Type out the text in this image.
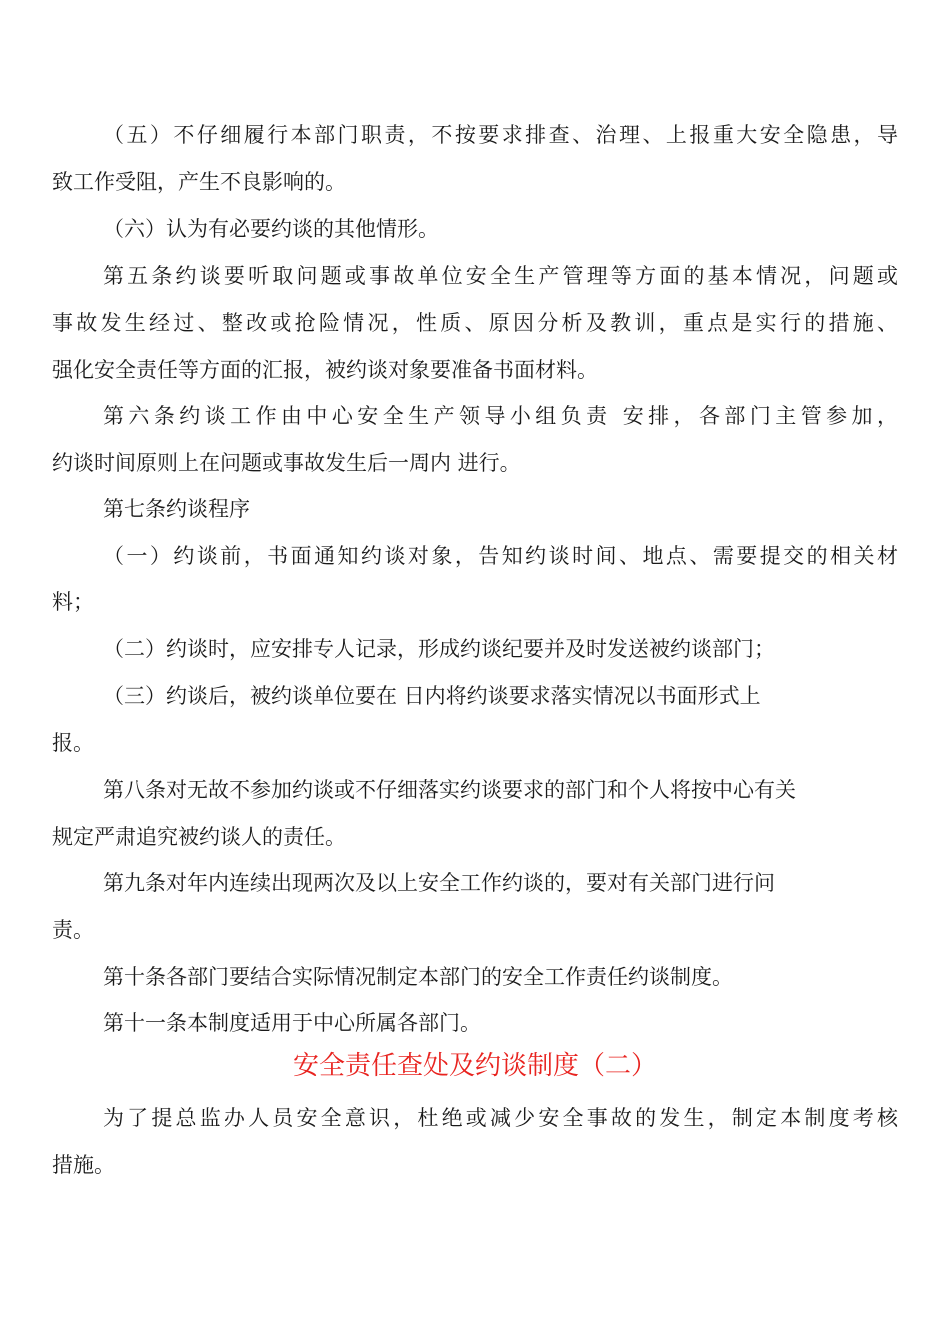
（五）不仔细履行本部门职责，不按要求排查、治理、上报重大安全隐患，导
致工作受阻，产生不良影响的。
（六）认为有必要约谈的其他情形。
第五条约谈要听取问题或事故单位安全生产管理等方面的基本情况，问题或
事故发生经过、整改或抢险情况，性质、原因分析及教训，重点是实行的措施、
强化安全责任等方面的汇报，被约谈对象要准备书面材料。
第六条约谈工作由中心安全生产领导小组负责 安排，各部门主管参加，
约谈时间原则上在问题或事故发生后一周内 进行。
第七条约谈程序
（一）约谈前，书面通知约谈对象，告知约谈时间、地点、需要提交的相关材
料；
（二）约谈时，应安排专人记录，形成约谈纪要并及时发送被约谈部门；
（三）约谈后，被约谈单位要在 日内将约谈要求落实情况以书面形式上
报。
第八条对无故不参加约谈或不仔细落实约谈要求的部门和个人将按中心有关
规定严肃追究被约谈人的责任。
第九条对年内连续出现两次及以上安全工作约谈的，要对有关部门进行问
责。
第十条各部门要结合实际情况制定本部门的安全工作责任约谈制度。
第十一条本制度适用于中心所属各部门。
安全责任查处及约谈制度（二）
为了提总监办人员安全意识，杜绝或减少安全事故的发生，制定本制度考核
措施。
